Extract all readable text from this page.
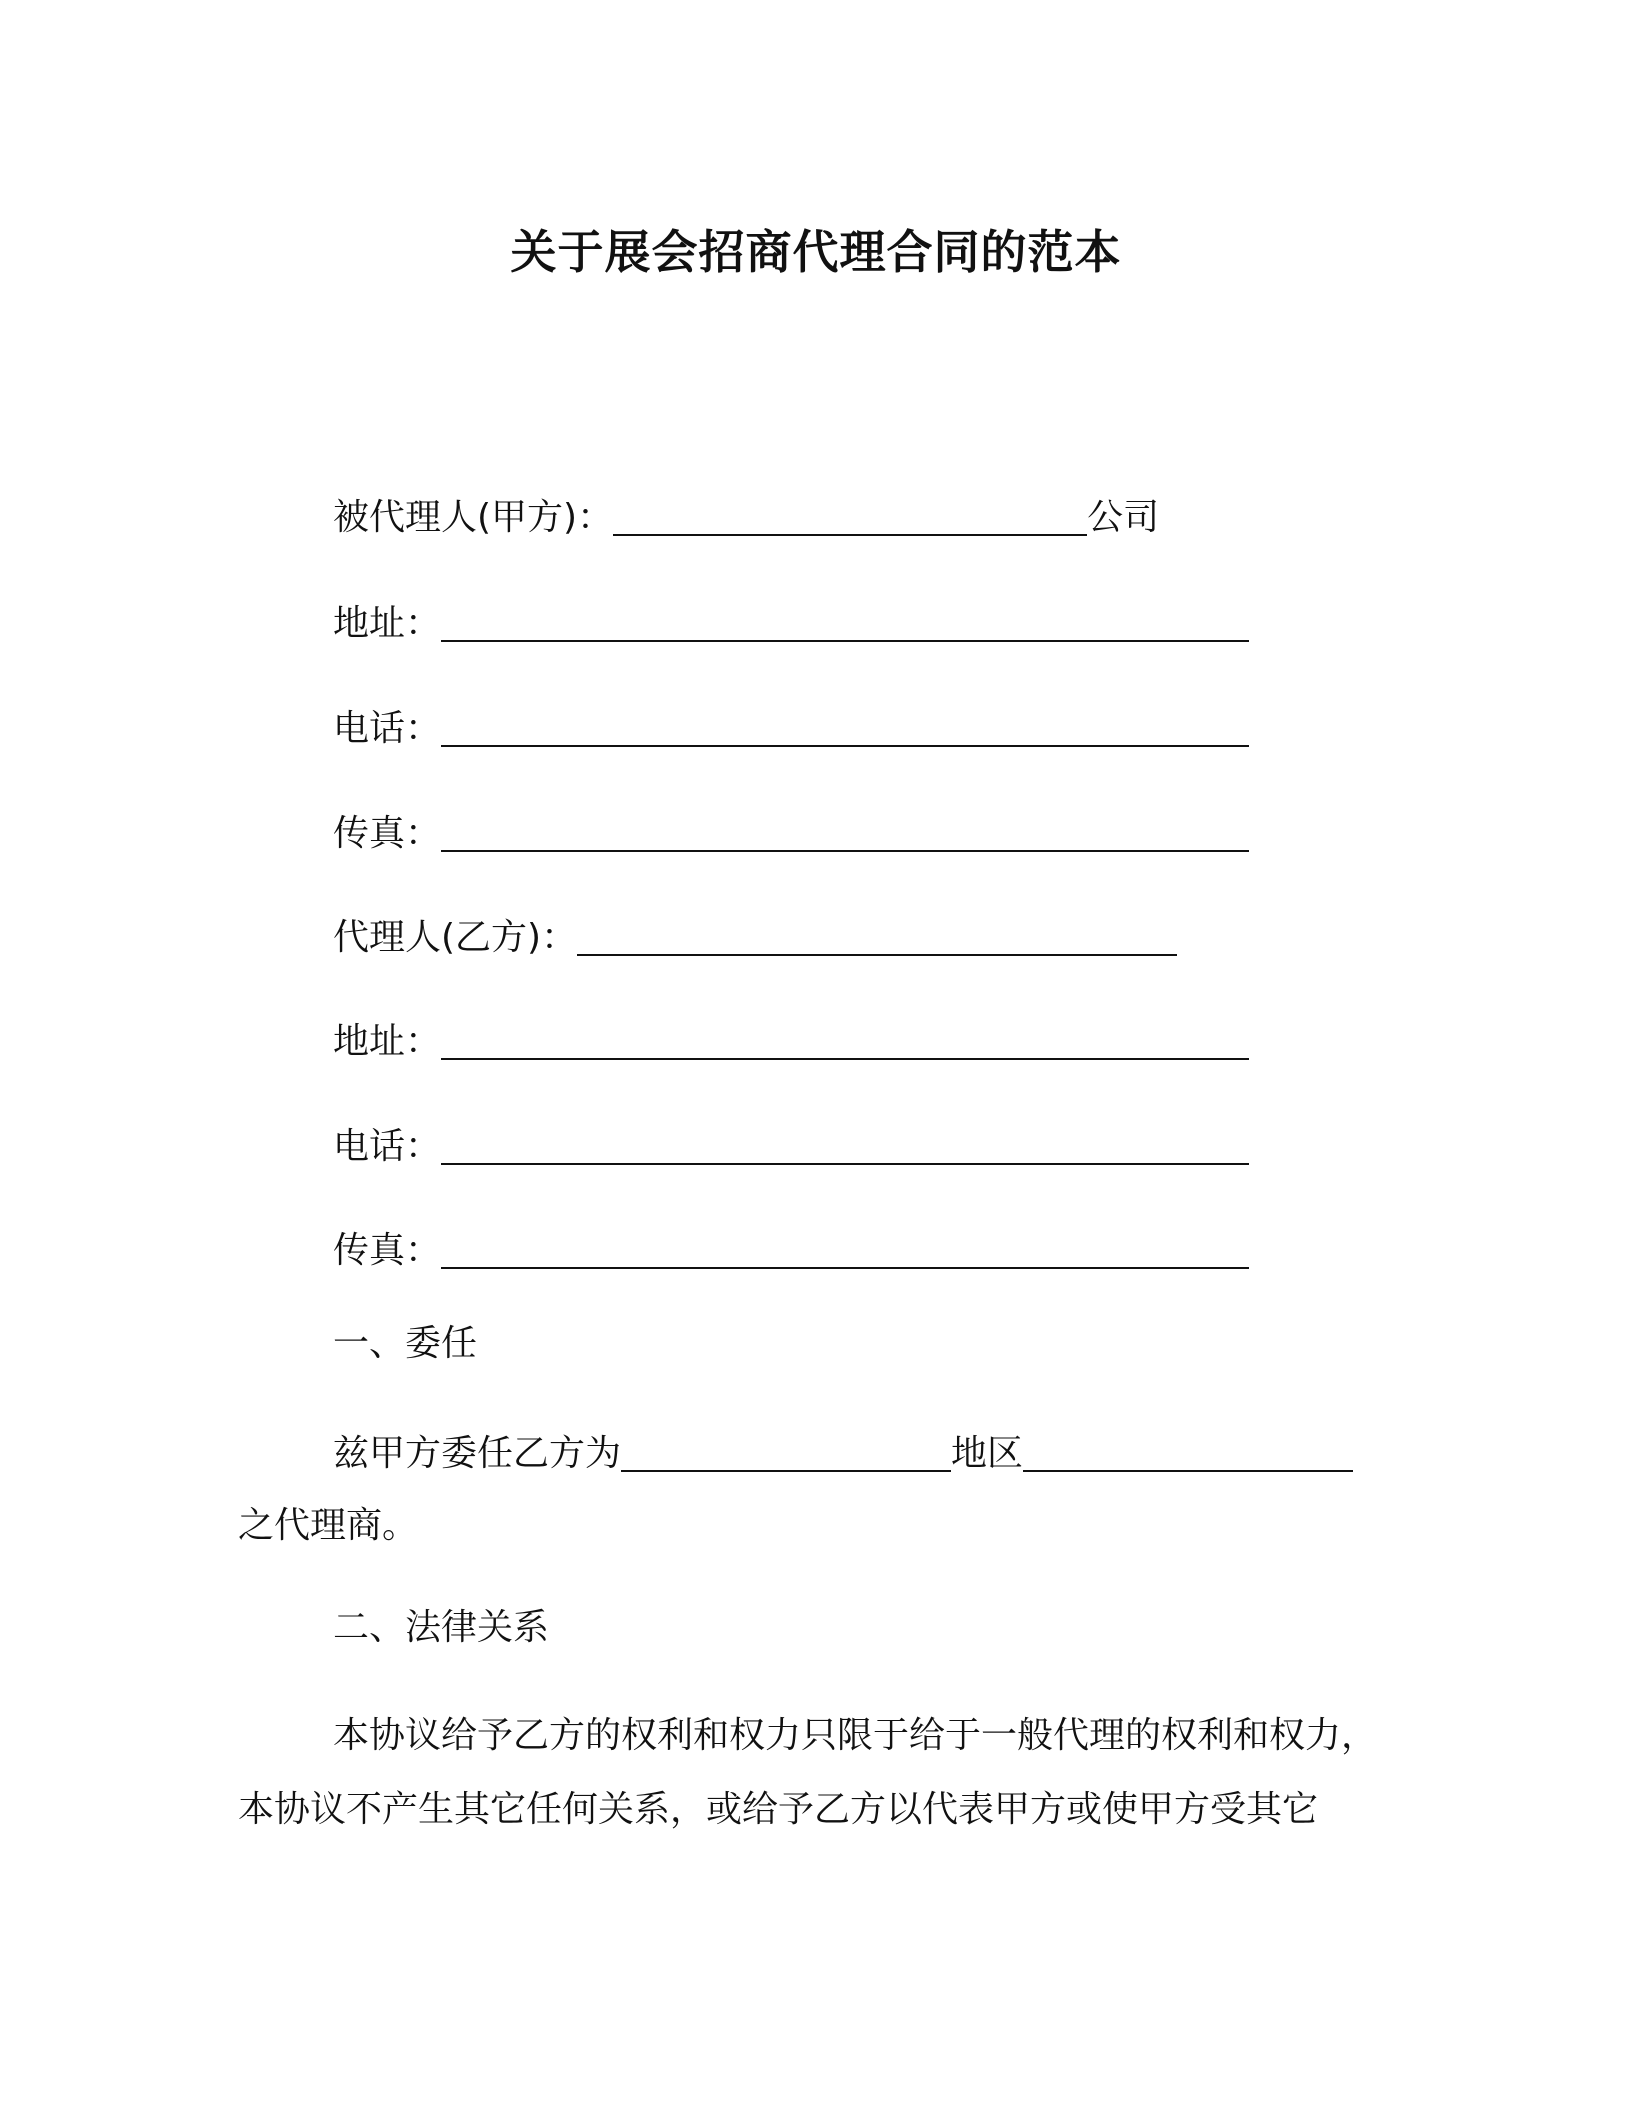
关于展会招商代理合同的范本
被代理人(甲方)：	公司
地址：
电话：
传真：
代理人(乙方)：
地址：
电话：
传真：
一、委任
兹甲方委任乙方为	地区
之代理商。
二、法律关系
本协议给予乙方的权利和权力只限于给于一般代理的权利和权力，
本协议不产生其它任何关系，或给予乙方以代表甲方或使甲方受其它
